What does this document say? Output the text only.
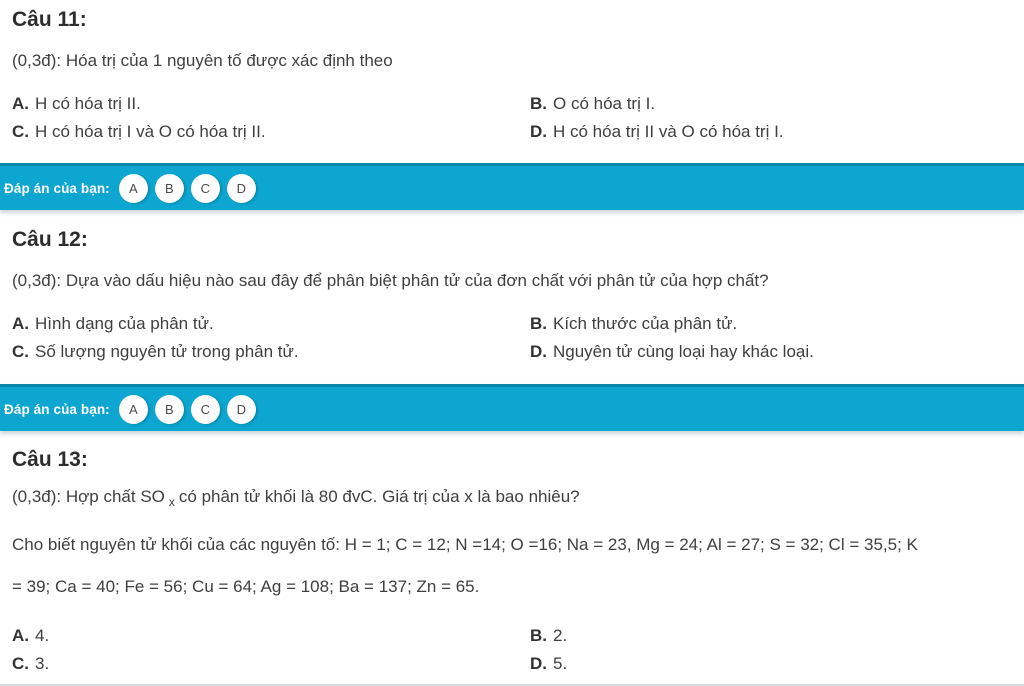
Câu 11:

(0,3đ): Hóa trị của 1 nguyên tố được xác định theo

A. H có hóa trị II.	B. O có hóa trị I.
C. H có hóa trị I và O có hóa trị II.	D. H có hóa trị II và O có hóa trị I.
Đáp án của bạn:	A	B	C	D
Câu 12:

(0,3đ): Dựa vào dấu hiệu nào sau đây để phân biệt phân tử của đơn chất với phân tử của hợp chất?

A. Hình dạng của phân tử.	B. Kích thước của phân tử.
C. Số lượng nguyên tử trong phân tử.	D. Nguyên tử cùng loại hay khác loại.
Đáp án của bạn:	A	B	C	D
Câu 13:

(0,3đ): Hợp chất SO $_x$ có phân tử khối là 80 đvC. Giá trị của x là bao nhiêu?

Cho biết nguyên tử khối của các nguyên tố: H = 1; C = 12; N =14; O =16; Na = 23, Mg = 24; Al = 27; S = 32; Cl = 35,5; K

= 39; Ca = 40; Fe = 56; Cu = 64; Ag = 108; Ba = 137; Zn = 65.

A. 4.	B. 2.
C. 3.	D. 5.
